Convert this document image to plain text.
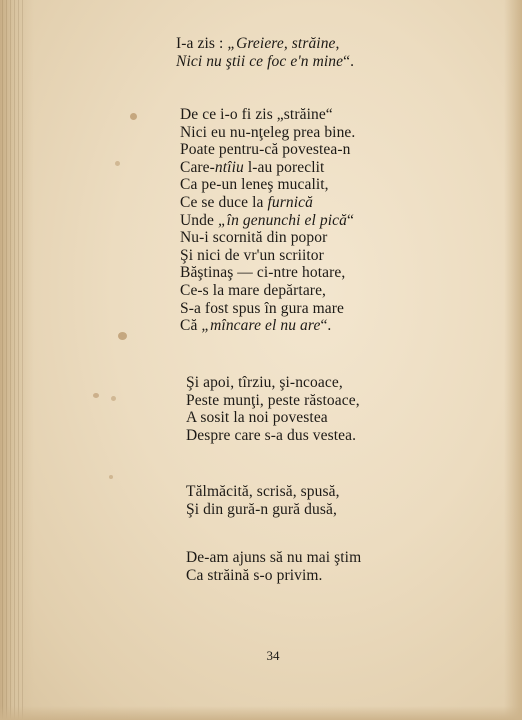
I-a zis : „Greiere, străine,
Nici nu ştii ce foc e'n mine“.
De ce i-o fi zis „străine“
Nici eu nu-nţeleg prea bine.
Poate pentru-că povestea-n
Care-ntîiu l-au poreclit
Ca pe-un leneş mucalit,
Ce se duce la furnică
Unde „în genunchi el pică“
Nu-i scornită din popor
Şi nici de vr'un scriitor
Băştinaş — ci-ntre hotare,
Ce-s la mare depărtare,
S-a fost spus în gura mare
Că „mîncare el nu are“.
Şi apoi, tîrziu, şi-ncoace,
Peste munţi, peste răstoace,
A sosit la noi povestea
Despre care s-a dus vestea.
Tălmăcită, scrisă, spusă,
Şi din gură-n gură dusă,
De-am ajuns să nu mai ştim
Ca străină s-o privim.
34
